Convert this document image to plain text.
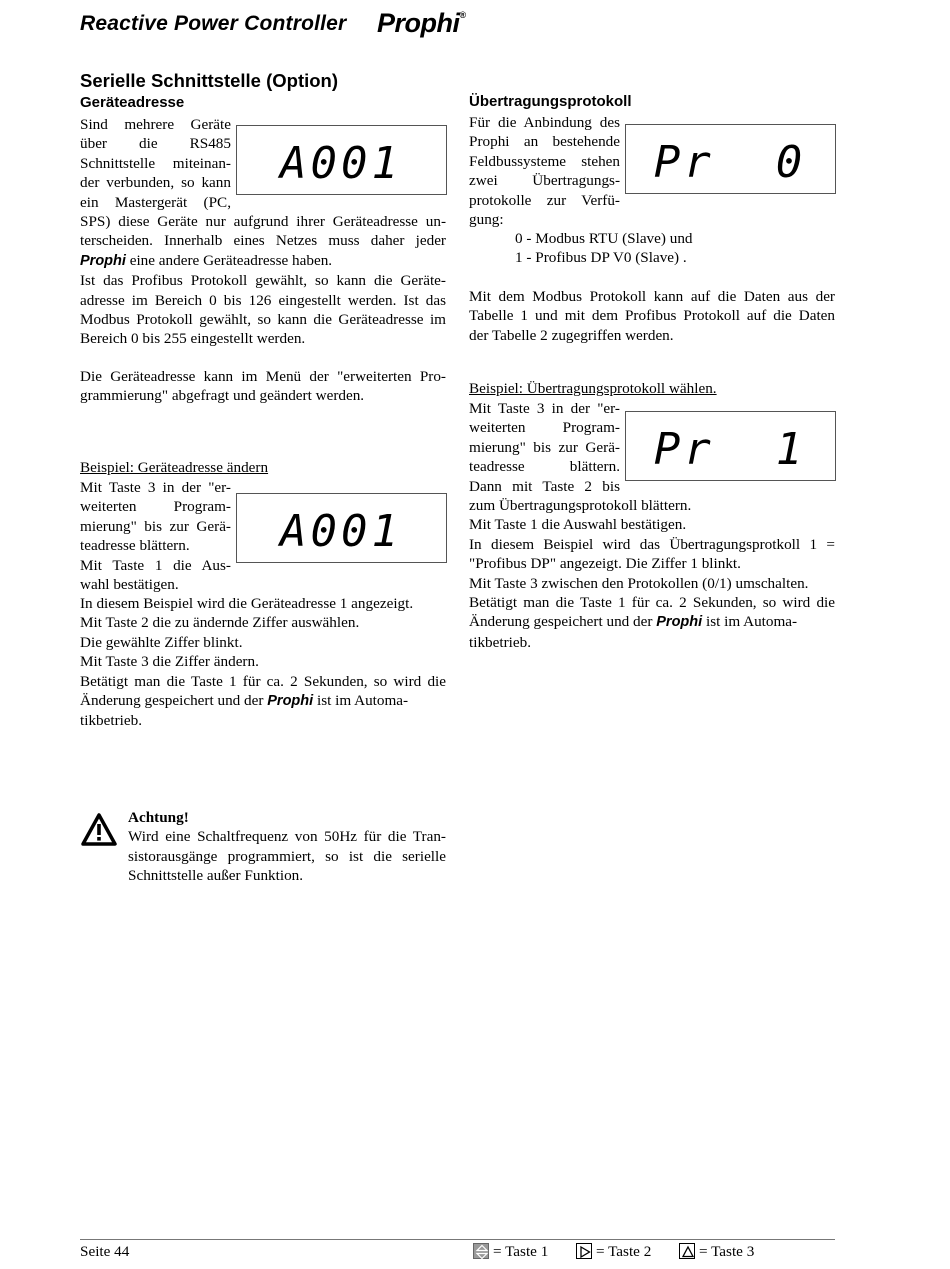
Reactive Power Controller Prophi®
Serielle Schnittstelle (Option)
Geräteadresse

Sind mehrere Geräte

über die RS485

Schnittstelle miteinan-

der verbunden, so kann

ein Mastergerät (PC,

A001

SPS) diese Geräte nur aufgrund ihrer Geräteadresse un-

terscheiden. Innerhalb eines Netzes muss daher jeder

Prophi eine andere Geräteadresse haben.

Ist das Profibus Protokoll gewählt, so kann die Geräte-

adresse im Bereich 0 bis 126 eingestellt werden. Ist das

Modbus Protokoll gewählt, so kann die Geräteadresse im

Bereich 0 bis 255 eingestellt werden.

Die Geräteadresse kann im Menü der "erweiterten Pro-

grammierung" abgefragt und geändert werden.

Beispiel: Geräteadresse ändern

Mit Taste 3 in der "er-

weiterten Program-

mierung" bis zur Gerä-

teadresse blättern.

Mit Taste 1 die Aus-

wahl bestätigen.

A001

In diesem Beispiel wird die Geräteadresse 1 angezeigt.

Mit Taste 2 die zu ändernde Ziffer auswählen.

Die gewählte Ziffer blinkt.

Mit Taste 3 die Ziffer ändern.

Betätigt man die Taste 1 für ca. 2 Sekunden, so wird die

Änderung gespeichert und der Prophi ist im Automa-

tikbetrieb.

Achtung!

Wird eine Schaltfrequenz von 50Hz für die Tran-

sistorausgänge programmiert, so ist die serielle

Schnittstelle außer Funktion.

Übertragungsprotokoll

Für die Anbindung des

Prophi an bestehende

Feldbussysteme stehen

zwei Übertragungs-

protokolle zur Verfü-

gung:

Pr  0

0 - Modbus RTU (Slave) und

1 - Profibus DP V0 (Slave) .

Mit dem Modbus Protokoll kann auf die Daten aus der

Tabelle 1 und mit dem Profibus Protokoll auf die Daten

der Tabelle 2 zugegriffen werden.

Beispiel: Übertragungsprotokoll wählen.

Mit Taste 3 in der "er-

weiterten Program-

mierung" bis zur Gerä-

teadresse blättern.

Dann mit Taste 2 bis

Pr  1

zum Übertragungsprotokoll blättern.

Mit Taste 1 die Auswahl bestätigen.

In diesem Beispiel wird das Übertragungsprotkoll 1 =

"Profibus DP" angezeigt. Die Ziffer 1 blinkt.

Mit Taste 3 zwischen den Protokollen (0/1) umschalten.

Betätigt man die Taste 1 für ca. 2 Sekunden, so wird die

Änderung gespeichert und der Prophi ist im Automa-

tikbetrieb.

Seite 44	= Taste 1	= Taste 2	= Taste 3
